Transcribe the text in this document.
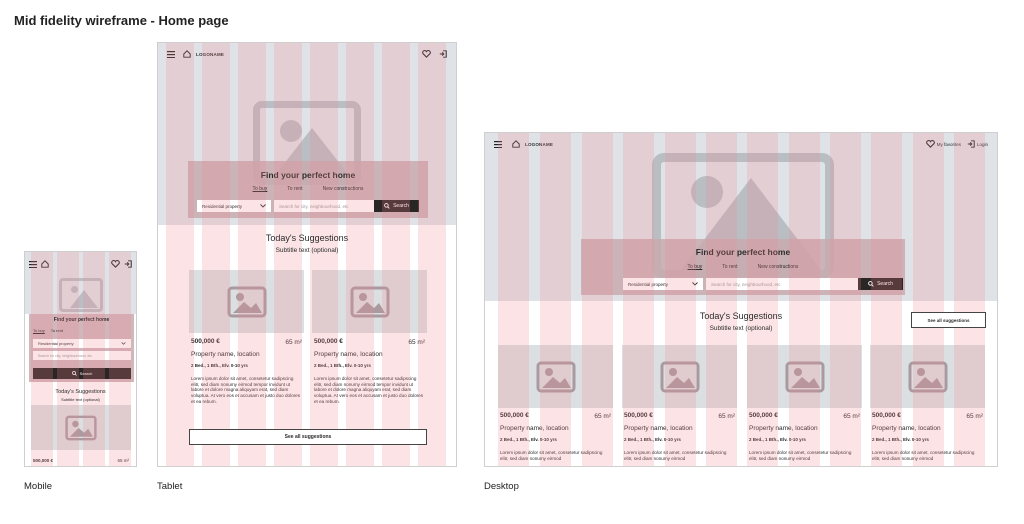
Mid fidelity wireframe - Home page
Find your perfect home
To buy To rent
Residential property
Search for city, neighbourhood, etc
Search
Today's Suggestions
Subtitle text (optional)
500,000 €	65 m²
Mobile
LOGONAME
Find your perfect home
To buy	To rent	New constructions
Residential property	Search for city, neighbourhood, etc	Search
Today's Suggestions
Subtitle text (optional)
500,000 €	65 m²
Property name, location
2 Bed., 1 Bth., Elv. 0-10 yrs
Lorem ipsum dolor sit amet, consetetur sadipscing elitr, sed diam nonumy eirmod tempor invidunt ut labore et dolore magna aliquyam erat, sed diam voluptua. At vero eos et accusam et justo duo dolores et ea rebum.
500,000 €	65 m²
Property name, location
2 Bed., 1 Bth., Elv. 0-10 yrs
Lorem ipsum dolor sit amet, consetetur sadipscing elitr, sed diam nonumy eirmod tempor invidunt ut labore et dolore magna aliquyam erat, sed diam voluptua. At vero eos et accusam et justo duo dolores et ea rebum.
See all suggestions
Tablet
LOGONAME	My favorites	Login
Find your perfect home
To buy	To rent	New constructions
Residential property	Search for city, neighbourhood, etc	Search
Today's Suggestions
Subtitle text (optional)
See all suggestions
500,000 €	65 m²
Property name, location
2 Bed., 1 Bth., Elv. 0-10 yrs
Lorem ipsum dolor sit amet, consetetur sadipscing elitr, sed diam nonumy eirmod
500,000 €	65 m²
Property name, location
2 Bed., 1 Bth., Elv. 0-10 yrs
Lorem ipsum dolor sit amet, consetetur sadipscing elitr, sed diam nonumy eirmod
500,000 €	65 m²
Property name, location
2 Bed., 1 Bth., Elv. 0-10 yrs
Lorem ipsum dolor sit amet, consetetur sadipscing elitr, sed diam nonumy eirmod
500,000 €	65 m²
Property name, location
2 Bed., 1 Bth., Elv. 0-10 yrs
Lorem ipsum dolor sit amet, consetetur sadipscing elitr, sed diam nonumy eirmod
Desktop
